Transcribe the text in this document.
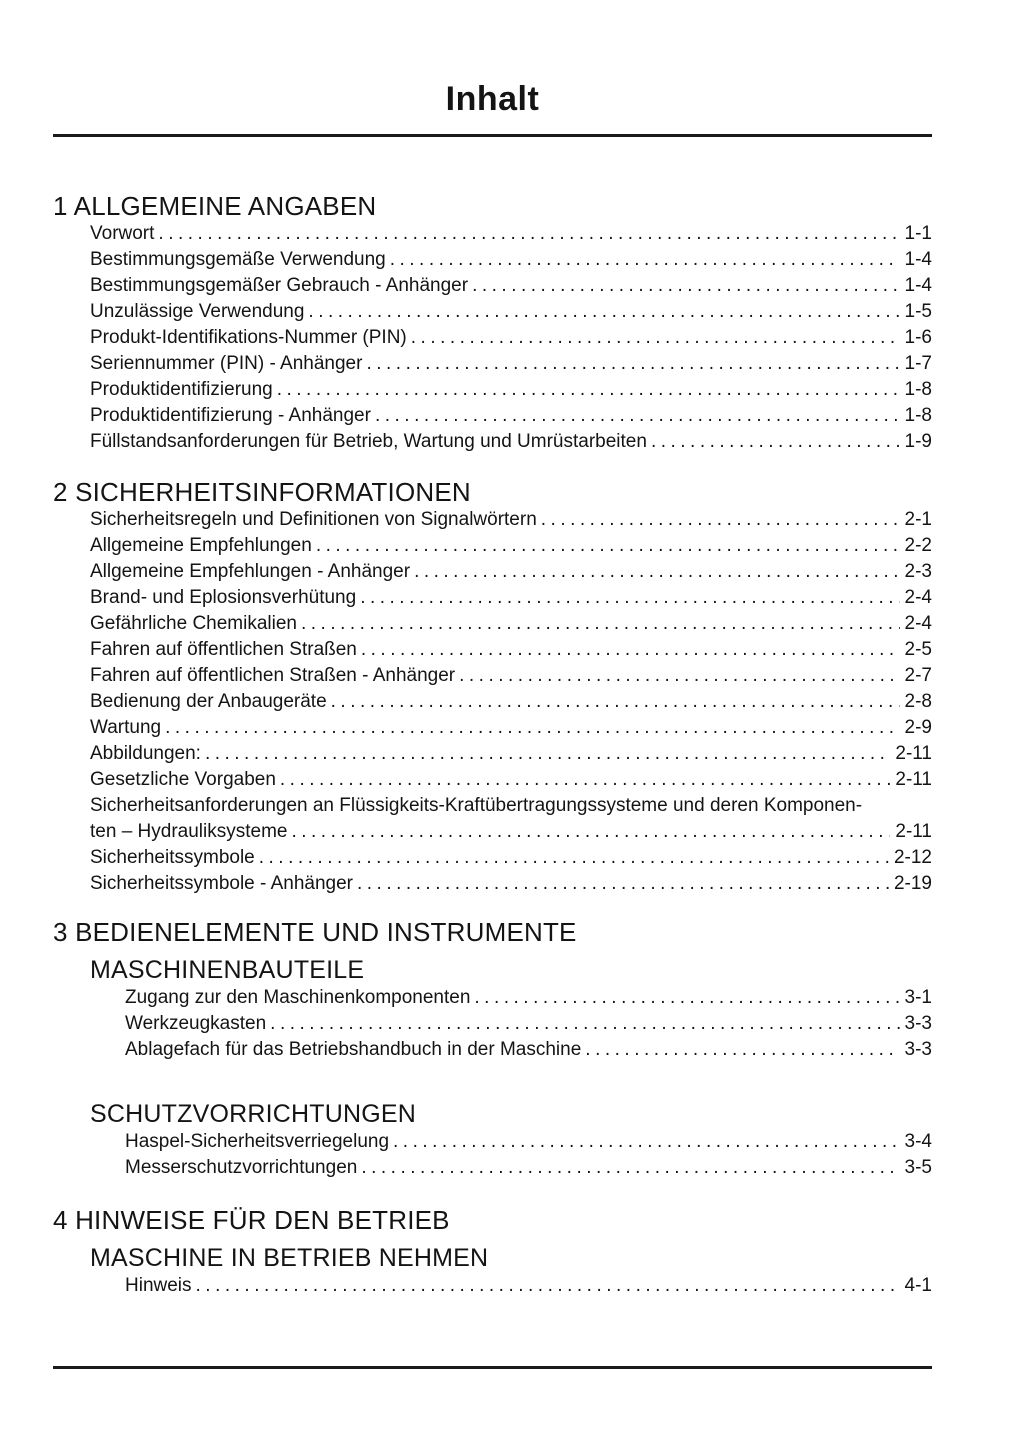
Inhalt
1 ALLGEMEINE ANGABEN
Vorwort .....	1-1
Bestimmungsgemäße Verwendung .....	1-4
Bestimmungsgemäßer Gebrauch - Anhänger .....	1-4
Unzulässige Verwendung .....	1-5
Produkt-Identifikations-Nummer (PIN) .....	1-6
Seriennummer (PIN) - Anhänger .....	1-7
Produktidentifizierung .....	1-8
Produktidentifizierung - Anhänger .....	1-8
Füllstandsanforderungen für Betrieb, Wartung und Umrüstarbeiten .....	1-9
2 SICHERHEITSINFORMATIONEN
Sicherheitsregeln und Definitionen von Signalwörtern .....	2-1
Allgemeine Empfehlungen .....	2-2
Allgemeine Empfehlungen - Anhänger .....	2-3
Brand- und Eplosionsverhütung .....	2-4
Gefährliche Chemikalien .....	2-4
Fahren auf öffentlichen Straßen .....	2-5
Fahren auf öffentlichen Straßen - Anhänger .....	2-7
Bedienung der Anbaugeräte .....	2-8
Wartung .....	2-9
Abbildungen: .....	2-11
Gesetzliche Vorgaben .....	2-11
Sicherheitsanforderungen an Flüssigkeits-Kraftübertragungssysteme und deren Komponen-
ten – Hydrauliksysteme .....	2-11
Sicherheitssymbole .....	2-12
Sicherheitssymbole - Anhänger .....	2-19
3 BEDIENELEMENTE UND INSTRUMENTE
MASCHINENBAUTEILE
Zugang zur den Maschinenkomponenten .....	3-1
Werkzeugkasten .....	3-3
Ablagefach für das Betriebshandbuch in der Maschine .....	3-3
SCHUTZVORRICHTUNGEN
Haspel-Sicherheitsverriegelung .....	3-4
Messerschutzvorrichtungen .....	3-5
4 HINWEISE FÜR DEN BETRIEB
MASCHINE IN BETRIEB NEHMEN
Hinweis .....	4-1
